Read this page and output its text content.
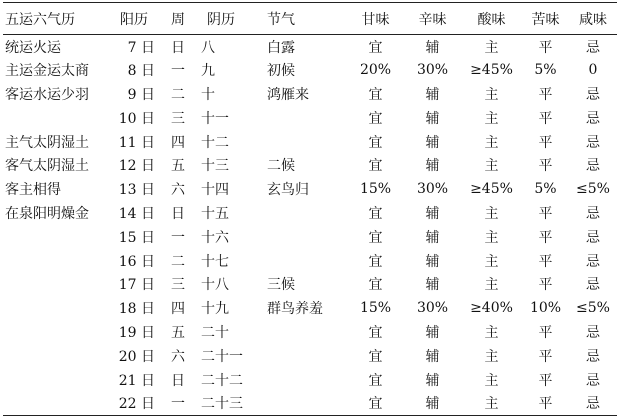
五运六气历	阳历	周	阴历	节气	甘味	辛味	酸味	苦味	咸味
统运火运	7 日	日	八	白露	宜	辅	主	平	忌
主运金运太商	8 日	一	九	初候	20%	30%	≥45%	5%	0
客运水运少羽	9 日	二	十	鸿雁来	宜	辅	主	平	忌
	10 日	三	十一		宜	辅	主	平	忌
主气太阴湿土	11 日	四	十二		宜	辅	主	平	忌
客气太阴湿土	12 日	五	十三	二候	宜	辅	主	平	忌
客主相得	13 日	六	十四	玄鸟归	15%	30%	≥45%	5%	≤5%
在泉阳明燥金	14 日	日	十五		宜	辅	主	平	忌
	15 日	一	十六		宜	辅	主	平	忌
	16 日	二	十七		宜	辅	主	平	忌
	17 日	三	十八	三候	宜	辅	主	平	忌
	18 日	四	十九	群鸟养羞	15%	30%	≥40%	10%	≤5%
	19 日	五	二十		宜	辅	主	平	忌
	20 日	六	二十一		宜	辅	主	平	忌
	21 日	日	二十二		宜	辅	主	平	忌
	22 日	一	二十三		宜	辅	主	平	忌
